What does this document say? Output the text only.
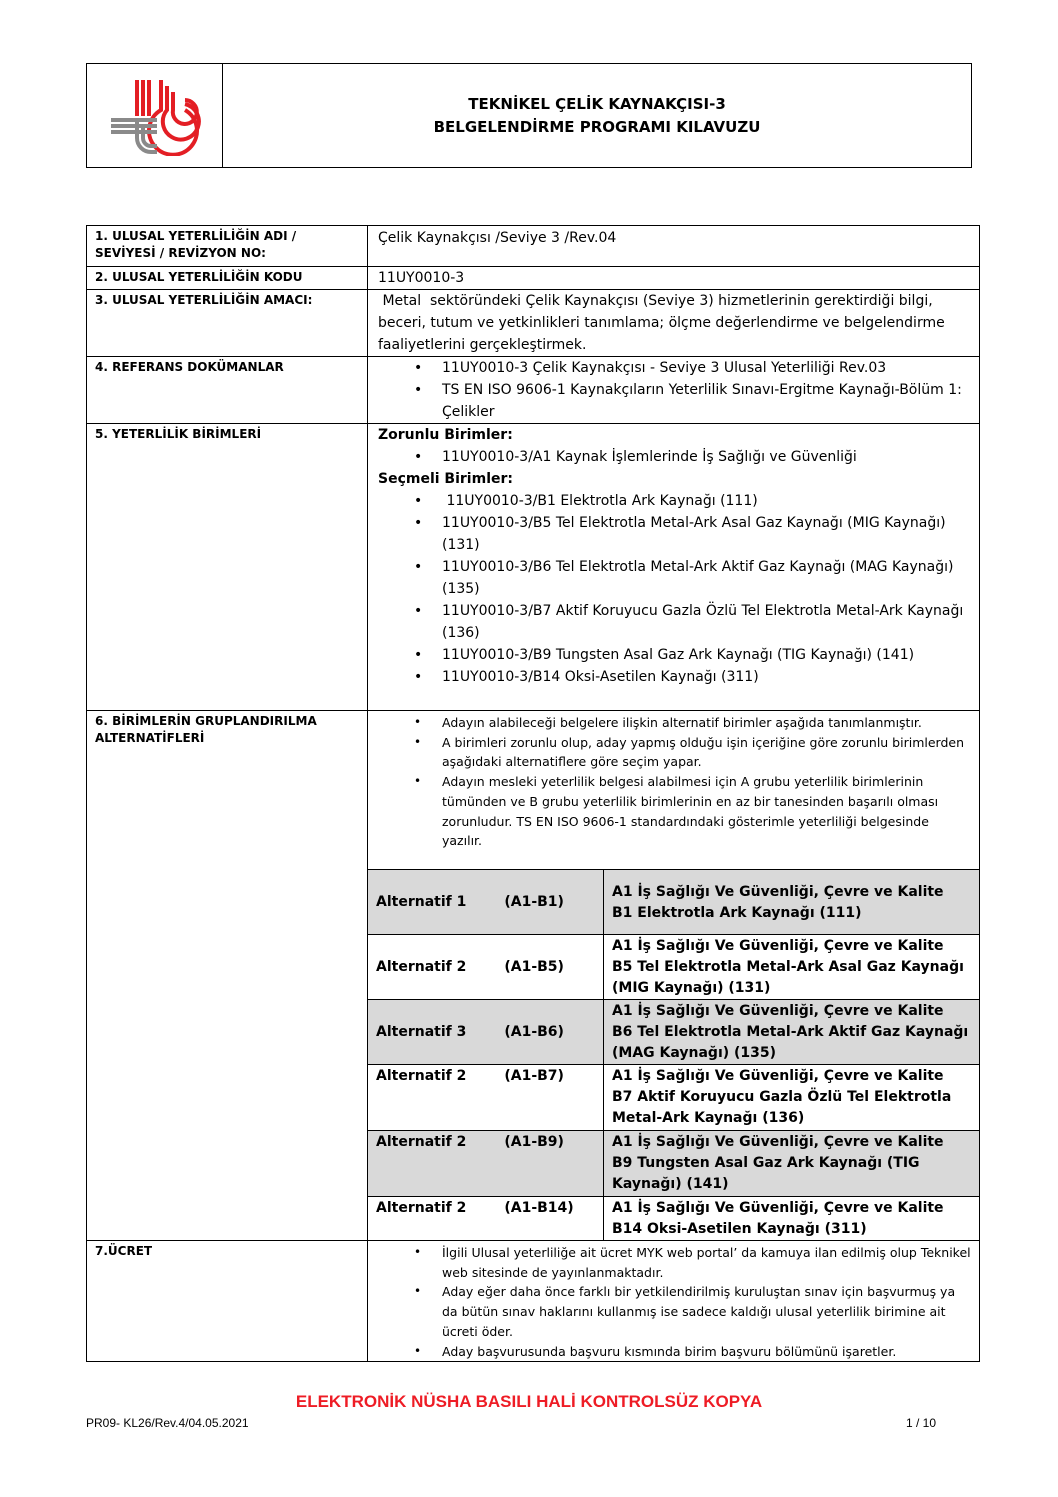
TEKNİKEL ÇELİK KAYNAKÇISI-3
BELGELENDİRME PROGRAMI KILAVUZU
1. ULUSAL YETERLİLİĞİN ADI /
SEVİYESİ / REVİZYON NO:
	Çelik Kaynakçısı /Seviye 3 /Rev.04
2. ULUSAL YETERLİLİĞİN KODU	11UY0010-3
3. ULUSAL YETERLİLİĞİN AMACI:	Metal  sektöründeki Çelik Kaynakçısı (Seviye 3) hizmetlerinin gerektirdiği bilgi, beceri, tutum ve yetkinlikleri tanımlama; ölçme değerlendirme ve belgelendirme faaliyetlerini gerçekleştirmek.
4. REFERANS DOKÜMANLAR	
•11UY0010-3 Çelik Kaynakçısı - Seviye 3 Ulusal Yeterliliği Rev.03
• TS EN ISO 9606-1 Kaynakçıların Yeterlilik Sınavı-Ergitme Kaynağı-Bölüm 1: Çelikler

5. YETERLİLİK BİRİMLERİ	Zorunlu Birimler:
• 11UY0010-3/A1 Kaynak İşlemlerinde İş Sağlığı ve Güvenliği
Seçmeli Birimler:
•  11UY0010-3/B1 Elektrotla Ark Kaynağı (111)
• 11UY0010-3/B5 Tel Elektrotla Metal-Ark Asal Gaz Kaynağı (MIG Kaynağı) (131)
• 11UY0010-3/B6 Tel Elektrotla Metal-Ark Aktif Gaz Kaynağı (MAG Kaynağı) (135)
• 11UY0010-3/B7 Aktif Koruyucu Gazla Özlü Tel Elektrotla Metal-Ark Kaynağı (136)
• 11UY0010-3/B9 Tungsten Asal Gaz Ark Kaynağı (TIG Kaynağı) (141)
• 11UY0010-3/B14 Oksi-Asetilen Kaynağı (311)

6. BİRİMLERİN GRUPLANDIRILMA
ALTERNATİFLERİ

• Adayın alabileceği belgelere ilişkin alternatif birimler aşağıda tanımlanmıştır.
• A birimleri zorunlu olup, aday yapmış olduğu işin içeriğine göre zorunlu birimlerden aşağıdaki alternatiflere göre seçim yapar.
• Adayın mesleki yeterlilik belgesi alabilmesi için A grubu yeterlilik birimlerinin tümünden ve B grubu yeterlilik birimlerinin en az bir tanesinden başarılı olması zorunludur. TS EN ISO 9606-1 standardındaki gösterimle yeterliliği belgesinde yazılır.
Alternatif 1	(A1-B1)	
A1 İş Sağlığı Ve Güvenliği, Çevre ve Kalite
B1 Elektrotla Ark Kaynağı (111)

Alternatif 2	(A1-B5)	
A1 İş Sağlığı Ve Güvenliği, Çevre ve Kalite
B5 Tel Elektrotla Metal-Ark Asal Gaz Kaynağı (MIG Kaynağı) (131)

Alternatif 3	(A1-B6)	
A1 İş Sağlığı Ve Güvenliği, Çevre ve Kalite
B6 Tel Elektrotla Metal-Ark Aktif Gaz Kaynağı (MAG Kaynağı) (135)

Alternatif 2	(A1-B7)	A1 İş Sağlığı Ve Güvenliği, Çevre ve Kalite
B7 Aktif Koruyucu Gazla Özlü Tel Elektrotla Metal-Ark Kaynağı (136)

Alternatif 2	(A1-B9)	A1 İş Sağlığı Ve Güvenliği, Çevre ve Kalite
B9 Tungsten Asal Gaz Ark Kaynağı (TIG Kaynağı) (141)

Alternatif 2	(A1-B14)	A1 İş Sağlığı Ve Güvenliği, Çevre ve Kalite
B14 Oksi-Asetilen Kaynağı (311)

7.ÜCRET	
•İlgili Ulusal yeterliliğe ait ücret MYK web portal’ da kamuya ilan edilmiş olup Teknikel web sitesinde de yayınlanmaktadır.
• Aday eğer daha önce farklı bir yetkilendirilmiş kuruluştan sınav için başvurmuş ya da bütün sınav haklarını kullanmış ise sadece kaldığı ulusal yeterlilik birimine ait ücreti öder.
• Aday başvurusunda başvuru kısmında birim başvuru bölümünü işaretler.
ELEKTRONİK NÜSHA BASILI HALİ KONTROLSÜZ KOPYA
PR09- KL26/Rev.4/04.05.2021	1 / 10
